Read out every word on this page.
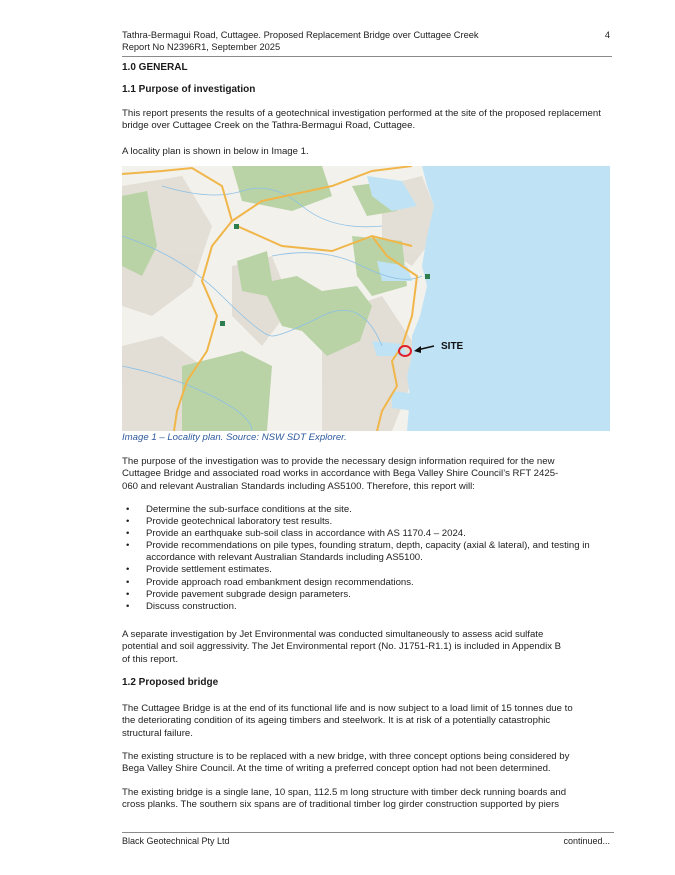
Tathra-Bermagui Road, Cuttagee. Proposed Replacement Bridge over Cuttagee Creek
Report No N2396R1, September 2025
4
1.0 GENERAL
1.1 Purpose of investigation
This report presents the results of a geotechnical investigation performed at the site of the proposed replacement bridge over Cuttagee Creek on the Tathra-Bermagui Road, Cuttagee.
A locality plan is shown in below in Image 1.
SITE
Image 1 – Locality plan. Source: NSW SDT Explorer.
The purpose of the investigation was to provide the necessary design information required for the new
Cuttagee Bridge and associated road works in accordance with Bega Valley Shire Council’s RFT 2425-
060 and relevant Australian Standards including AS5100. Therefore, this report will:
• Determine the sub-surface conditions at the site.
• Provide geotechnical laboratory test results.
• Provide an earthquake sub-soil class in accordance with AS 1170.4 – 2024.
• Provide recommendations on pile types, founding stratum, depth, capacity (axial & lateral), and testing in accordance with relevant Australian Standards including AS5100.
• Provide settlement estimates.
• Provide approach road embankment design recommendations.
• Provide pavement subgrade design parameters.
• Discuss construction.
A separate investigation by Jet Environmental was conducted simultaneously to assess acid sulfate
potential and soil aggressivity. The Jet Environmental report (No. J1751-R1.1) is included in Appendix B
of this report.
1.2 Proposed bridge
The Cuttagee Bridge is at the end of its functional life and is now subject to a load limit of 15 tonnes due to
the deteriorating condition of its ageing timbers and steelwork. It is at risk of a potentially catastrophic
structural failure.
The existing structure is to be replaced with a new bridge, with three concept options being considered by
Bega Valley Shire Council. At the time of writing a preferred concept option had not been determined.
The existing bridge is a single lane, 10 span, 112.5 m long structure with timber deck running boards and
cross planks. The southern six spans are of traditional timber log girder construction supported by piers
Black Geotechnical Pty Ltd	continued...
